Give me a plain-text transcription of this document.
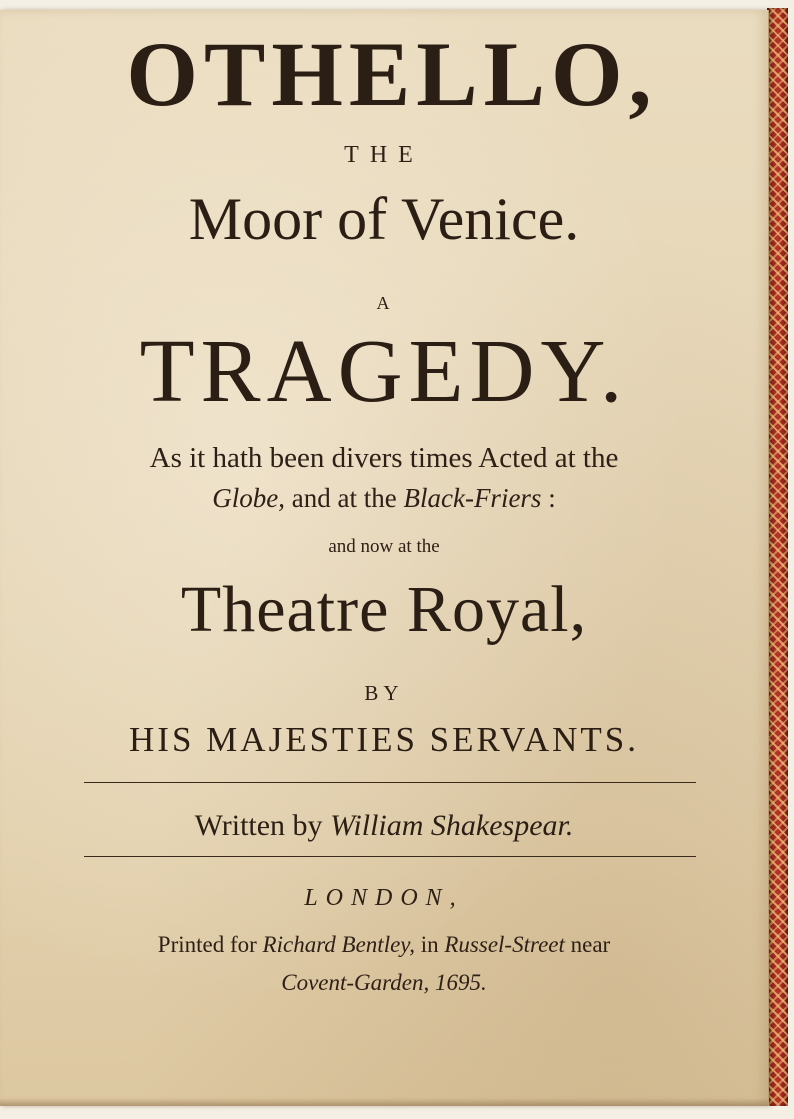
OTHELLO,

THE

Moor of Venice.

A

TRAGEDY.

As it hath been divers times Acted at the

Globe, and at the Black-Friers :

and now at the

Theatre Royal,

BY

HIS MAJESTIES SERVANTS.

Written by William Shakespear.

LONDON,

Printed for Richard Bentley, in Russel-Street near

Covent-Garden, 1695.
